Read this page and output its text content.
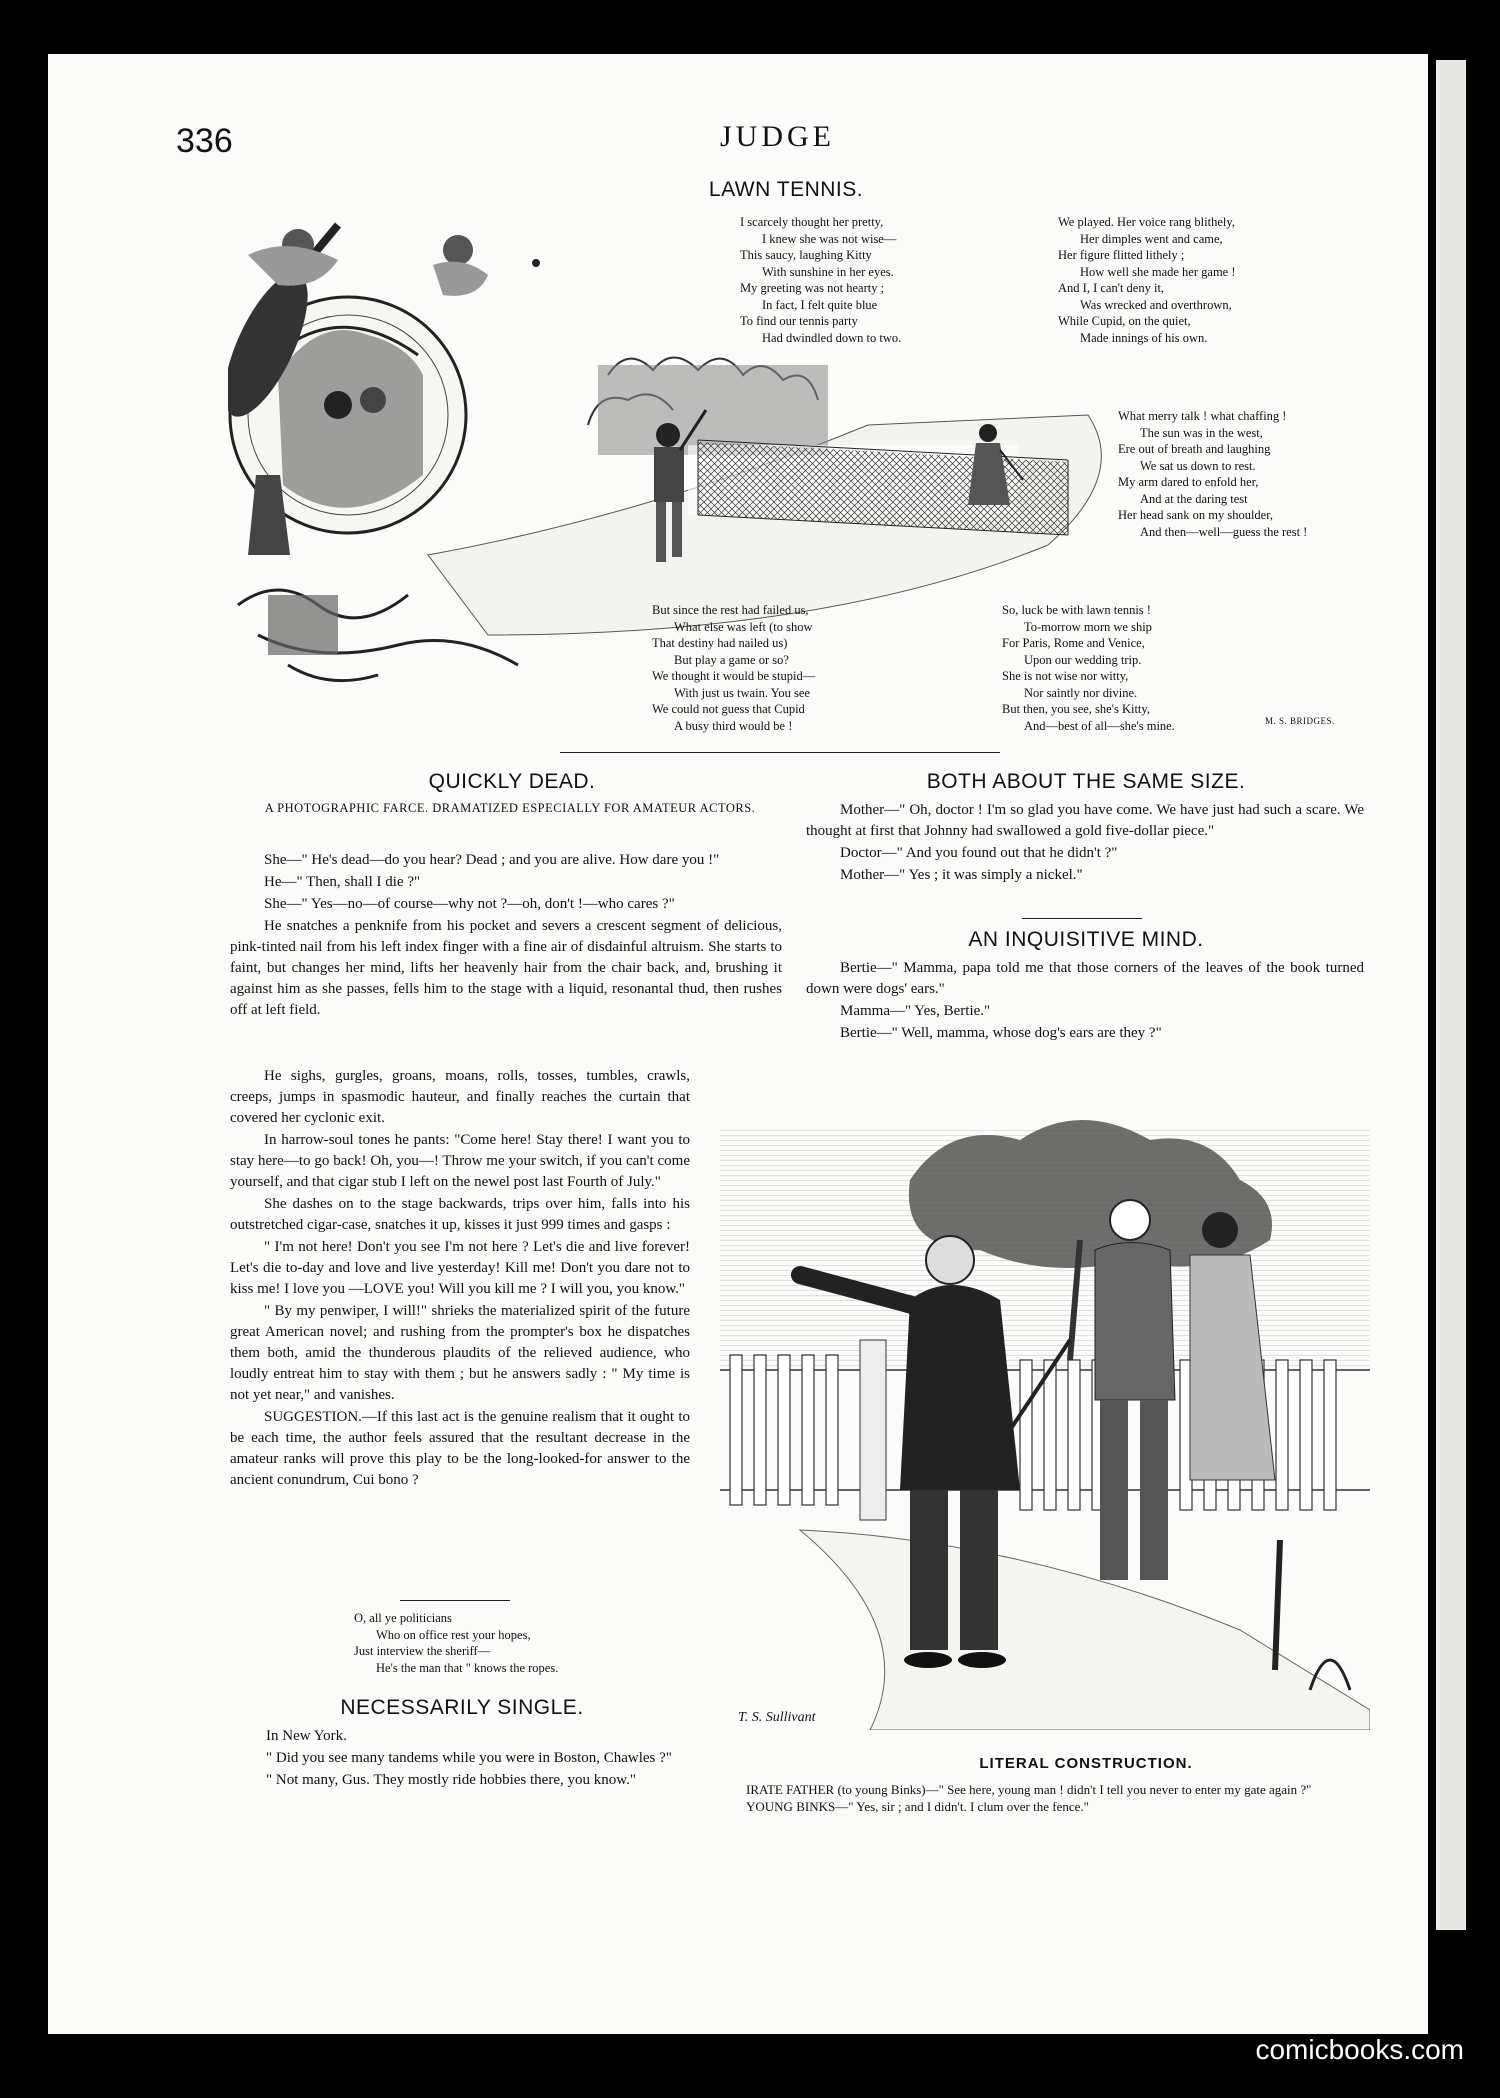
336	JUDGE
LAWN TENNIS.
I scarcely thought her pretty,
I knew she was not wise—
This saucy, laughing Kitty
With sunshine in her eyes.
My greeting was not hearty ;
In fact, I felt quite blue
To find our tennis party
Had dwindled down to two.
We played. Her voice rang blithely,
Her dimples went and came,
Her figure flitted lithely ;
How well she made her game !
And I, I can't deny it,
Was wrecked and overthrown,
While Cupid, on the quiet,
Made innings of his own.
What merry talk ! what chaffing !
The sun was in the west,
Ere out of breath and laughing
We sat us down to rest.
My arm dared to enfold her,
And at the daring test
Her head sank on my shoulder,
And then—well—guess the rest !
But since the rest had failed us,
What else was left (to show
That destiny had nailed us)
But play a game or so?
We thought it would be stupid—
With just us twain. You see
We could not guess that Cupid
A busy third would be !
So, luck be with lawn tennis !
To-morrow morn we ship
For Paris, Rome and Venice,
Upon our wedding trip.
She is not wise nor witty,
Nor saintly nor divine.
But then, you see, she's Kitty,
And—best of all—she's mine.	M. S. BRIDGES.
QUICKLY DEAD.
A PHOTOGRAPHIC FARCE. DRAMATIZED ESPECIALLY FOR AMATEUR ACTORS.

She—" He's dead—do you hear? Dead ; and you are alive. How dare you !"

He—" Then, shall I die ?"

She—" Yes—no—of course—why not ?—oh, don't !—who cares ?"

He snatches a penknife from his pocket and severs a crescent segment of delicious, pink-tinted nail from his left index finger with a fine air of disdainful altruism. She starts to faint, but changes her mind, lifts her heavenly hair from the chair back, and, brushing it against him as she passes, fells him to the stage with a liquid, resonantal thud, then rushes off at left field.

He sighs, gurgles, groans, moans, rolls, tosses, tumbles, crawls, creeps, jumps in spasmodic hauteur, and finally reaches the curtain that covered her cyclonic exit.

In harrow-soul tones he pants: "Come here! Stay there! I want you to stay here—to go back! Oh, you—! Throw me your switch, if you can't come yourself, and that cigar stub I left on the newel post last Fourth of July."

She dashes on to the stage backwards, trips over him, falls into his outstretched cigar-case, snatches it up, kisses it just 999 times and gasps :

" I'm not here! Don't you see I'm not here ? Let's die and live forever! Let's die to-day and love and live yesterday! Kill me! Don't you dare not to kiss me! I love you —LOVE you! Will you kill me ? I will you, you know."

" By my penwiper, I will!" shrieks the materialized spirit of the future great American novel; and rushing from the prompter's box he dispatches them both, amid the thunderous plaudits of the relieved audience, who loudly entreat him to stay with them ; but he answers sadly : " My time is not yet near," and vanishes.

SUGGESTION.—If this last act is the genuine realism that it ought to be each time, the author feels assured that the resultant decrease in the amateur ranks will prove this play to be the long-looked-for answer to the ancient conundrum, Cui bono ?

O, all ye politicians
Who on office rest your hopes,
Just interview the sheriff—
He's the man that " knows the ropes.
NECESSARILY SINGLE.

In New York.

" Did you see many tandems while you were in Boston, Chawles ?"

" Not many, Gus. They mostly ride hobbies there, you know."

BOTH ABOUT THE SAME SIZE.

Mother—" Oh, doctor ! I'm so glad you have come. We have just had such a scare. We thought at first that Johnny had swallowed a gold five-dollar piece."

Doctor—" And you found out that he didn't ?"

Mother—" Yes ; it was simply a nickel."

AN INQUISITIVE MIND.

Bertie—" Mamma, papa told me that those corners of the leaves of the book turned down were dogs' ears."

Mamma—" Yes, Bertie."

Bertie—" Well, mamma, whose dog's ears are they ?"

T. S. Sullivant
LITERAL CONSTRUCTION.

IRATE FATHER (to young Binks)—" See here, young man ! didn't I tell you never to enter my gate again ?"

YOUNG BINKS—" Yes, sir ; and I didn't. I clum over the fence."

comicbooks.com
